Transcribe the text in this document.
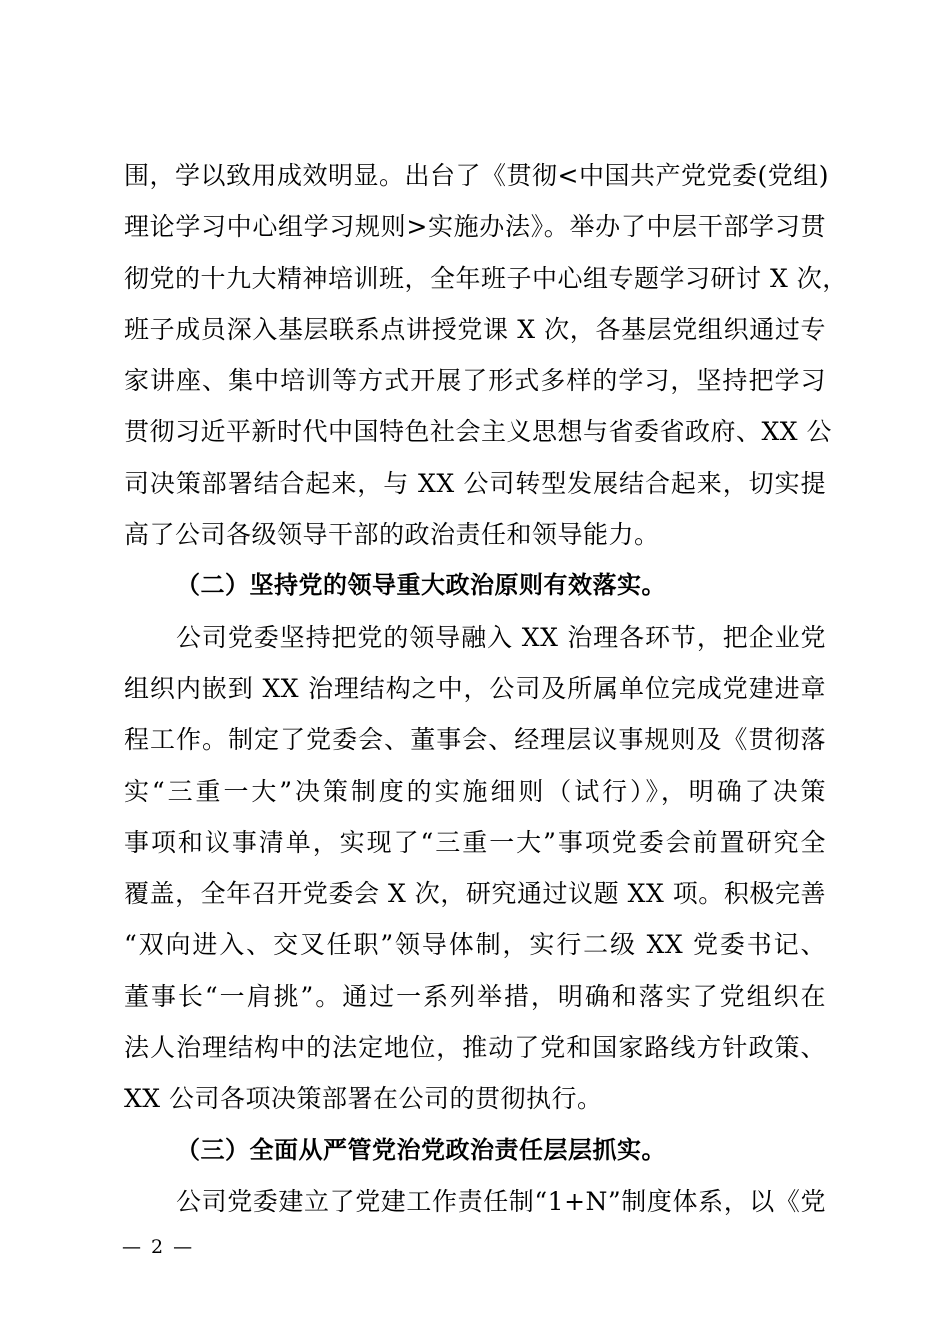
围，学以致用成效明显。出台了《贯彻<中国共产党党委(党组)
理论学习中心组学习规则>实施办法》。举办了中层干部学习贯
彻党的十九大精神培训班，全年班子中心组专题学习研讨 X 次，
班子成员深入基层联系点讲授党课 X 次，各基层党组织通过专
家讲座、集中培训等方式开展了形式多样的学习，坚持把学习
贯彻习近平新时代中国特色社会主义思想与省委省政府、XX 公
司决策部署结合起来，与 XX 公司转型发展结合起来，切实提
高了公司各级领导干部的政治责任和领导能力。
（二）坚持党的领导重大政治原则有效落实。
公司党委坚持把党的领导融入 XX 治理各环节，把企业党
组织内嵌到 XX 治理结构之中，公司及所属单位完成党建进章
程工作。制定了党委会、董事会、经理层议事规则及《贯彻落
实“三重一大”决策制度的实施细则（试行）》，明确了决策
事项和议事清单，实现了“三重一大”事项党委会前置研究全
覆盖，全年召开党委会 X 次，研究通过议题 XX 项。积极完善
“双向进入、交叉任职”领导体制，实行二级 XX 党委书记、
董事长“一肩挑”。通过一系列举措，明确和落实了党组织在
法人治理结构中的法定地位，推动了党和国家路线方针政策、
XX 公司各项决策部署在公司的贯彻执行。
（三）全面从严管党治党政治责任层层抓实。
公司党委建立了党建工作责任制“1+N”制度体系，以《党
— 2 —
